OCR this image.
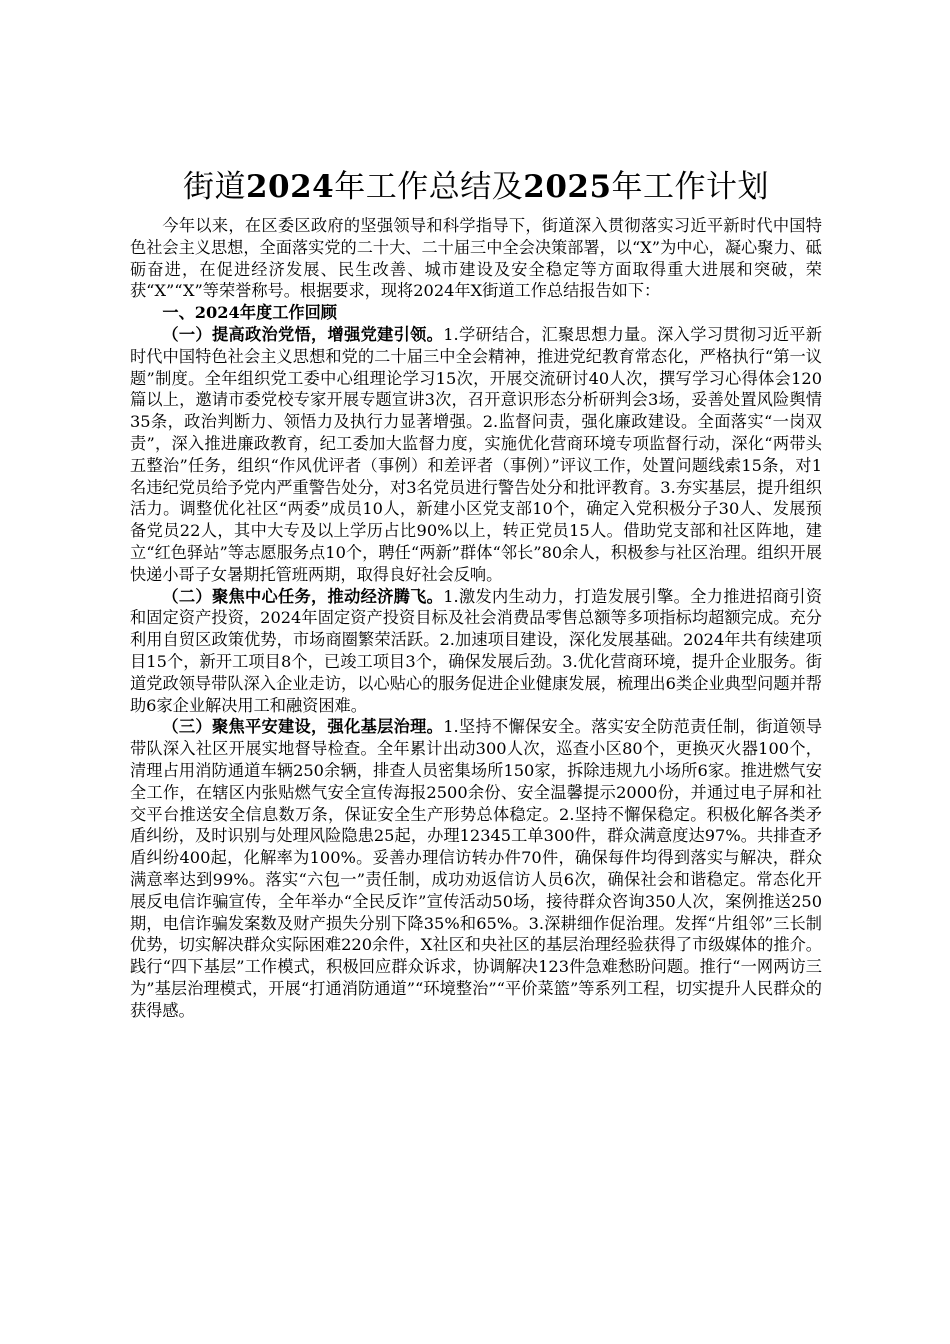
街道2024年工作总结及2025年工作计划

今年以来，在区委区政府的坚强领导和科学指导下，街道深入贯彻落实习近平新时代中国特色社会主义思想，全面落实党的二十大、二十届三中全会决策部署，以“X”为中心，凝心聚力、砥砺奋进，在促进经济发展、民生改善、城市建设及安全稳定等方面取得重大进展和突破，荣获“X”“X”等荣誉称号。根据要求，现将2024年X街道工作总结报告如下：

一、2024年度工作回顾

（一）提高政治党悟，增强党建引领。1.学研结合，汇聚思想力量。深入学习贯彻习近平新时代中国特色社会主义思想和党的二十届三中全会精神，推进党纪教育常态化，严格执行“第一议题”制度。全年组织党工委中心组理论学习15次，开展交流研讨40人次，撰写学习心得体会120篇以上，邀请市委党校专家开展专题宣讲3次，召开意识形态分析研判会3场，妥善处置风险舆情35条，政治判断力、领悟力及执行力显著增强。2.监督问责，强化廉政建设。全面落实“一岗双责”，深入推进廉政教育，纪工委加大监督力度，实施优化营商环境专项监督行动，深化“两带头五整治”任务，组织“作风优评者（事例）和差评者（事例）”评议工作，处置问题线索15条，对1名违纪党员给予党内严重警告处分，对3名党员进行警告处分和批评教育。3.夯实基层，提升组织活力。调整优化社区“两委”成员10人，新建小区党支部10个，确定入党积极分子30人、发展预备党员22人，其中大专及以上学历占比90%以上，转正党员15人。借助党支部和社区阵地，建立“红色驿站”等志愿服务点10个，聘任“两新”群体“邻长”80余人，积极参与社区治理。组织开展快递小哥子女暑期托管班两期，取得良好社会反响。

（二）聚焦中心任务，推动经济腾飞。1.激发内生动力，打造发展引擎。全力推进招商引资和固定资产投资，2024年固定资产投资目标及社会消费品零售总额等多项指标均超额完成。充分利用自贸区政策优势，市场商圈繁荣活跃。2.加速项目建设，深化发展基础。2024年共有续建项目15个，新开工项目8个，已竣工项目3个，确保发展后劲。3.优化营商环境，提升企业服务。街道党政领导带队深入企业走访，以心贴心的服务促进企业健康发展，梳理出6类企业典型问题并帮助6家企业解决用工和融资困难。

（三）聚焦平安建设，强化基层治理。1.坚持不懈保安全。落实安全防范责任制，街道领导带队深入社区开展实地督导检查。全年累计出动300人次，巡查小区80个，更换灭火器100个，清理占用消防通道车辆250余辆，排查人员密集场所150家，拆除违规九小场所6家。推进燃气安全工作，在辖区内张贴燃气安全宣传海报2500余份、安全温馨提示2000份，并通过电子屏和社交平台推送安全信息数万条，保证安全生产形势总体稳定。2.坚持不懈保稳定。积极化解各类矛盾纠纷，及时识别与处理风险隐患25起，办理12345工单300件，群众满意度达97%。共排查矛盾纠纷400起，化解率为100%。妥善办理信访转办件70件，确保每件均得到落实与解决，群众满意率达到99%。落实“六包一”责任制，成功劝返信访人员6次，确保社会和谐稳定。常态化开展反电信诈骗宣传，全年举办“全民反诈”宣传活动50场，接待群众咨询350人次，案例推送250期，电信诈骗发案数及财产损失分别下降35%和65%。3.深耕细作促治理。发挥“片组邻”三长制优势，切实解决群众实际困难220余件，X社区和央社区的基层治理经验获得了市级媒体的推介。践行“四下基层”工作模式，积极回应群众诉求，协调解决123件急难愁盼问题。推行“一网两访三为”基层治理模式，开展“打通消防通道”“环境整治”“平价菜篮”等系列工程，切实提升人民群众的获得感。
